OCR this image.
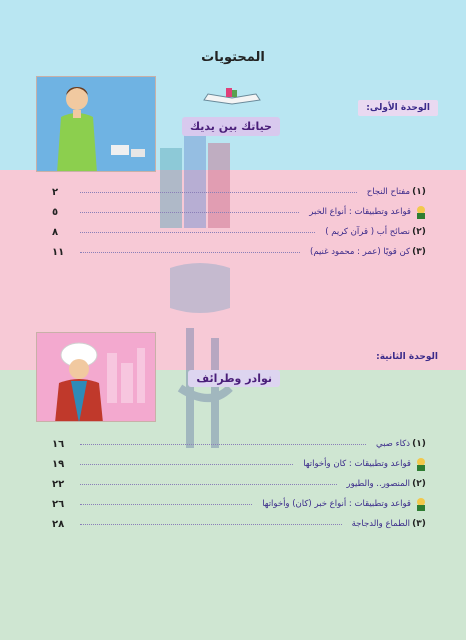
المحتويات
الوحدة الأولى:
حياتك بين يديك
(١)
مفتاح النجاح
٢
قواعد وتطبيقات : أنواع الخبر
٥
(٢)
نصائح أب ( قرآن كريم )
٨
(٣)
كن قويًا (عمر : محمود غنيم)
١١
الوحدة الثانية:
نوادر وطرائف
(١)
ذكاء صبي
١٦
قواعد وتطبيقات : كان وأخواتها
١٩
(٢)
المنصور.. والطيور
٢٢
قواعد وتطبيقات : أنواع خبر (كان) وأخواتها
٢٦
(٣)
الطماع والدجاجة
٢٨
